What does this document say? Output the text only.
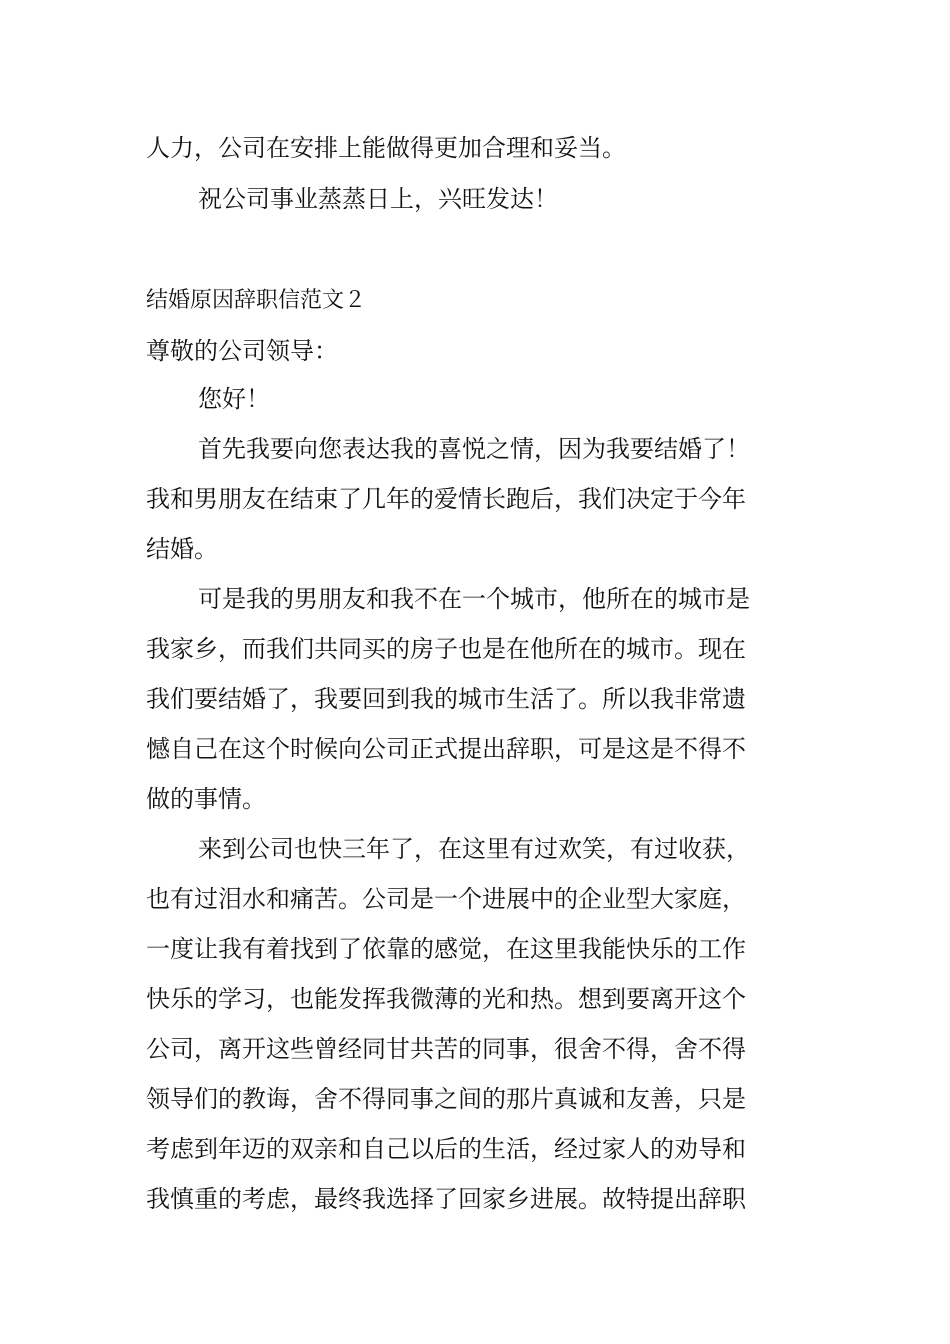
人力，公司在安排上能做得更加合理和妥当。
祝公司事业蒸蒸日上，兴旺发达！
结婚原因辞职信范文２
尊敬的公司领导：
您好！
首先我要向您表达我的喜悦之情，因为我要结婚了！
我和男朋友在结束了几年的爱情长跑后，我们决定于今年
结婚。
可是我的男朋友和我不在一个城市，他所在的城市是
我家乡，而我们共同买的房子也是在他所在的城市。现在
我们要结婚了，我要回到我的城市生活了。所以我非常遗
憾自己在这个时候向公司正式提出辞职，可是这是不得不
做的事情。
来到公司也快三年了，在这里有过欢笑，有过收获，
也有过泪水和痛苦。公司是一个进展中的企业型大家庭，
一度让我有着找到了依靠的感觉，在这里我能快乐的工作
快乐的学习，也能发挥我微薄的光和热。想到要离开这个
公司，离开这些曾经同甘共苦的同事，很舍不得，舍不得
领导们的教诲，舍不得同事之间的那片真诚和友善，只是
考虑到年迈的双亲和自己以后的生活，经过家人的劝导和
我慎重的考虑，最终我选择了回家乡进展。故特提出辞职
